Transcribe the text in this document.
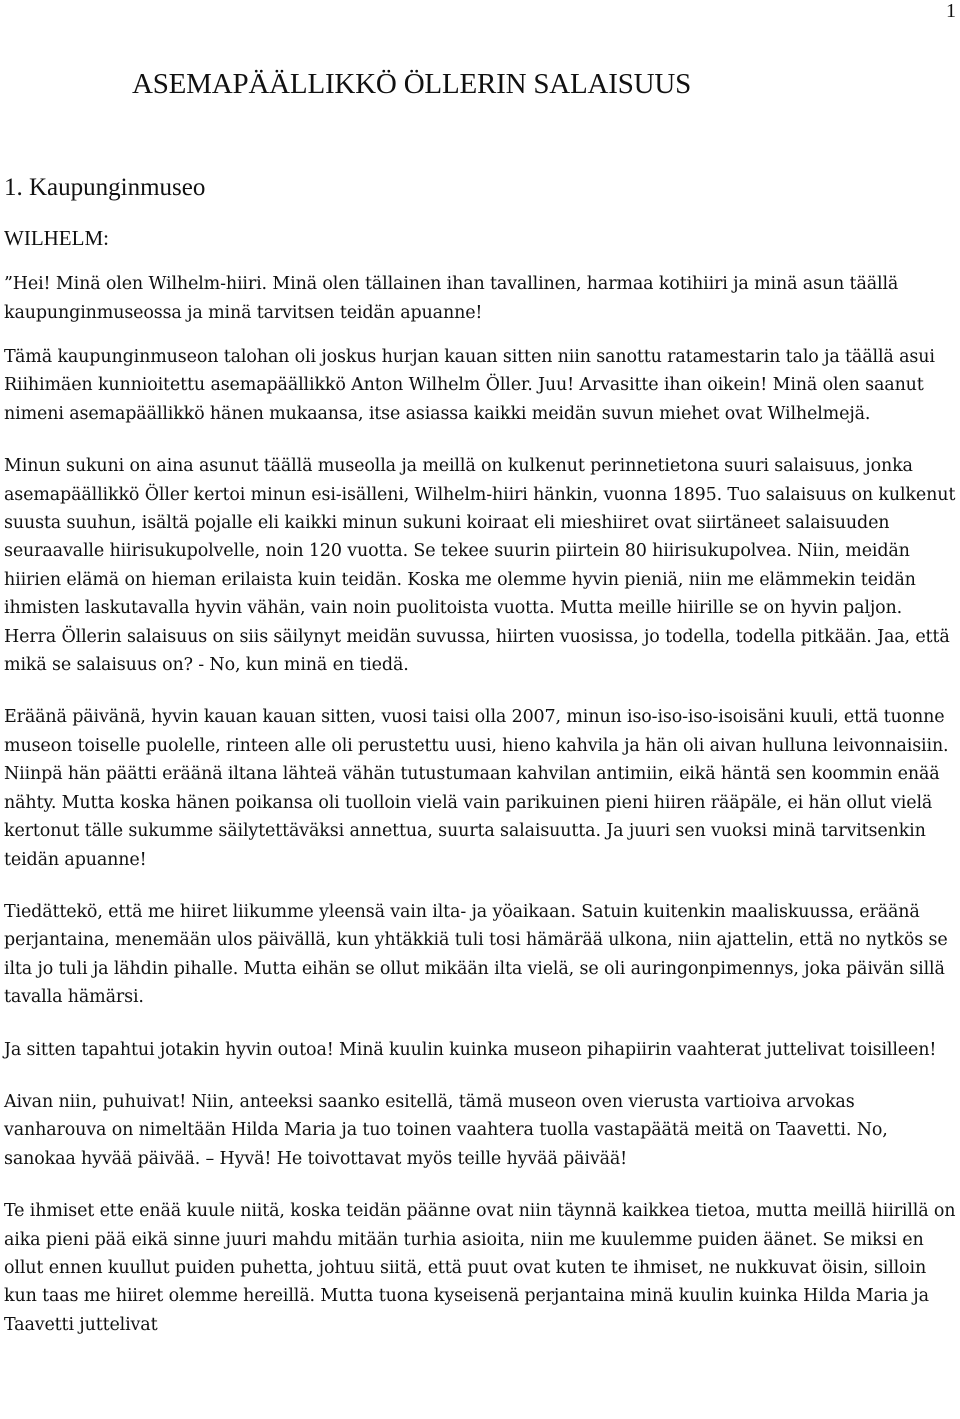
1
ASEMAPÄÄLLIKKÖ ÖLLERIN SALAISUUS
1. Kaupunginmuseo
WILHELM:

”Hei! Minä olen Wilhelm-hiiri. Minä olen tällainen ihan tavallinen, harmaa kotihiiri ja minä asun täällä kaupunginmuseossa ja minä tarvitsen teidän apuanne!

Tämä kaupunginmuseon talohan oli joskus hurjan kauan sitten niin sanottu ratamestarin talo ja täällä asui Riihimäen kunnioitettu asemapäällikkö Anton Wilhelm Öller. Juu! Arvasitte ihan oikein! Minä olen saanut nimeni asemapäällikkö hänen mukaansa, itse asiassa kaikki meidän suvun miehet ovat Wilhelmejä.

Minun sukuni on aina asunut täällä museolla ja meillä on kulkenut perinnetietona suuri salaisuus, jonka asemapäällikkö Öller kertoi minun esi-isälleni, Wilhelm-hiiri hänkin, vuonna 1895. Tuo salaisuus on kulkenut suusta suuhun, isältä pojalle eli kaikki minun sukuni koiraat eli mieshiiret ovat siirtäneet salaisuuden seuraavalle hiirisukupolvelle, noin 120 vuotta. Se tekee suurin piirtein 80 hiirisukupolvea. Niin, meidän hiirien elämä on hieman erilaista kuin teidän. Koska me olemme hyvin pieniä, niin me elämmekin teidän ihmisten laskutavalla hyvin vähän, vain noin puolitoista vuotta. Mutta meille hiirille se on hyvin paljon. Herra Öllerin salaisuus on siis säilynyt meidän suvussa, hiirten vuosissa, jo todella, todella pitkään. Jaa, että mikä se salaisuus on? - No, kun minä en tiedä.

Eräänä päivänä, hyvin kauan kauan sitten, vuosi taisi olla 2007, minun iso-iso-iso-isoisäni kuuli, että tuonne museon toiselle puolelle, rinteen alle oli perustettu uusi, hieno kahvila ja hän oli aivan hulluna leivonnaisiin. Niinpä hän päätti eräänä iltana lähteä vähän tutustumaan kahvilan antimiin, eikä häntä sen koommin enää nähty. Mutta koska hänen poikansa oli tuolloin vielä vain parikuinen pieni hiiren rääpäle, ei hän ollut vielä kertonut tälle sukumme säilytettäväksi annettua, suurta salaisuutta. Ja juuri sen vuoksi minä tarvitsenkin teidän apuanne!

Tiedättekö, että me hiiret liikumme yleensä vain ilta- ja yöaikaan. Satuin kuitenkin maaliskuussa, eräänä perjantaina, menemään ulos päivällä, kun yhtäkkiä tuli tosi hämärää ulkona, niin ajattelin, että no nytkös se ilta jo tuli ja lähdin pihalle. Mutta eihän se ollut mikään ilta vielä, se oli auringonpimennys, joka päivän sillä tavalla hämärsi.

Ja sitten tapahtui jotakin hyvin outoa! Minä kuulin kuinka museon pihapiirin vaahterat juttelivat toisilleen!

Aivan niin, puhuivat! Niin, anteeksi saanko esitellä, tämä museon oven vierusta vartioiva arvokas vanharouva on nimeltään Hilda Maria ja tuo toinen vaahtera tuolla vastapäätä meitä on Taavetti. No, sanokaa hyvää päivää. – Hyvä! He toivottavat myös teille hyvää päivää!

Te ihmiset ette enää kuule niitä, koska teidän päänne ovat niin täynnä kaikkea tietoa, mutta meillä hiirillä on aika pieni pää eikä sinne juuri mahdu mitään turhia asioita, niin me kuulemme puiden äänet. Se miksi en ollut ennen kuullut puiden puhetta, johtuu siitä, että puut ovat kuten te ihmiset, ne nukkuvat öisin, silloin kun taas me hiiret olemme hereillä. Mutta tuona kyseisenä perjantaina minä kuulin kuinka Hilda Maria ja Taavetti juttelivat
